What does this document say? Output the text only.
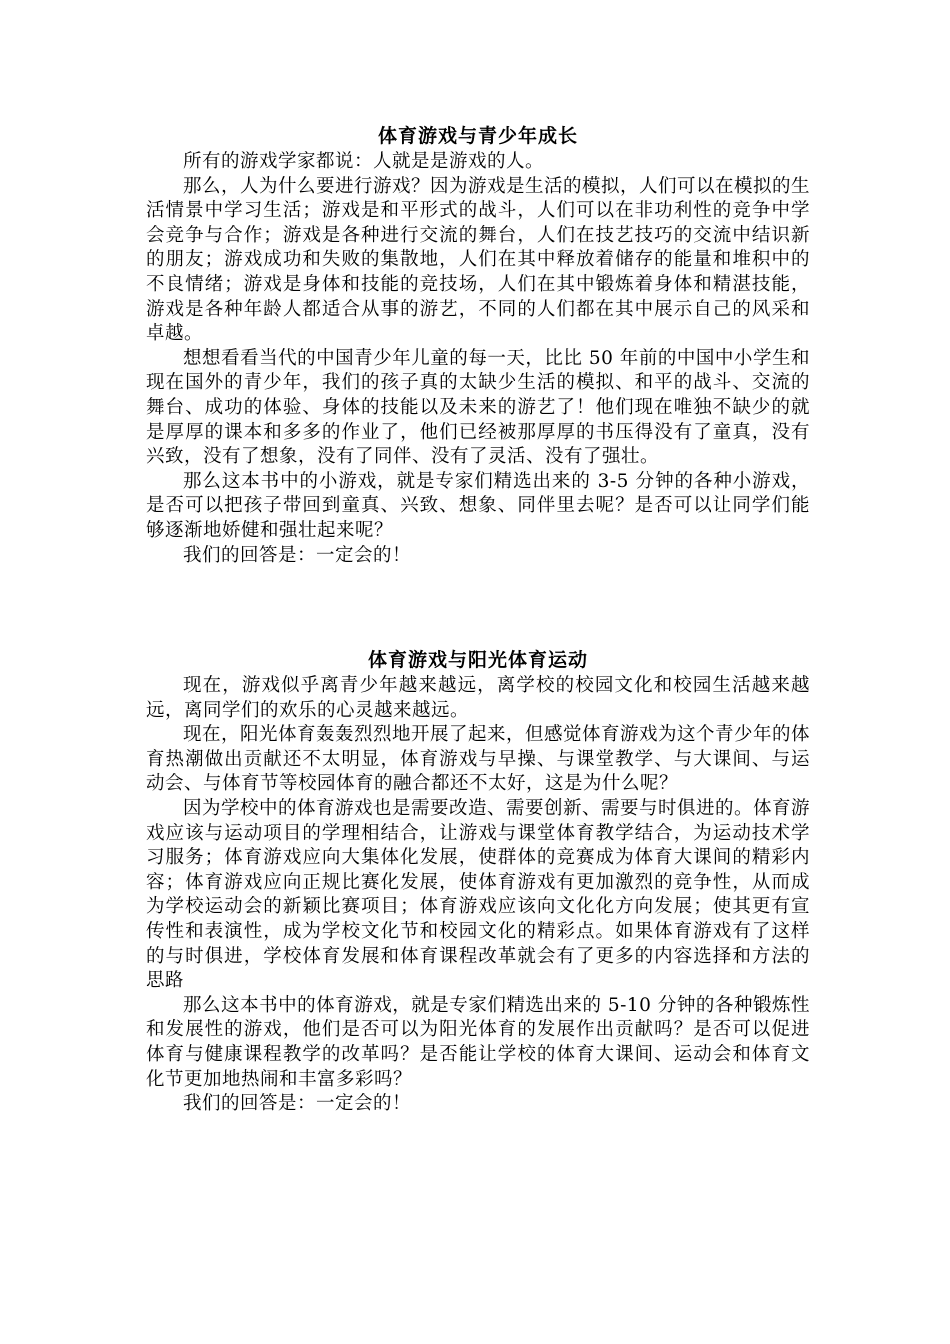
体育游戏与青少年成长

所有的游戏学家都说：人就是是游戏的人。

那么，人为什么要进行游戏？因为游戏是生活的模拟，人们可以在模拟的生活情景中学习生活；游戏是和平形式的战斗，人们可以在非功利性的竞争中学会竞争与合作；游戏是各种进行交流的舞台，人们在技艺技巧的交流中结识新的朋友；游戏成功和失败的集散地，人们在其中释放着储存的能量和堆积中的不良情绪；游戏是身体和技能的竞技场，人们在其中锻炼着身体和精湛技能，游戏是各种年龄人都适合从事的游艺，不同的人们都在其中展示自己的风采和卓越。

想想看看当代的中国青少年儿童的每一天，比比 50 年前的中国中小学生和现在国外的青少年，我们的孩子真的太缺少生活的模拟、和平的战斗、交流的舞台、成功的体验、身体的技能以及未来的游艺了！他们现在唯独不缺少的就是厚厚的课本和多多的作业了，他们已经被那厚厚的书压得没有了童真，没有兴致，没有了想象，没有了同伴、没有了灵活、没有了强壮。

那么这本书中的小游戏，就是专家们精选出来的 3-5 分钟的各种小游戏，是否可以把孩子带回到童真、兴致、想象、同伴里去呢？是否可以让同学们能够逐渐地娇健和强壮起来呢？

我们的回答是：一定会的！

体育游戏与阳光体育运动

现在，游戏似乎离青少年越来越远，离学校的校园文化和校园生活越来越远，离同学们的欢乐的心灵越来越远。

现在，阳光体育轰轰烈烈地开展了起来，但感觉体育游戏为这个青少年的体育热潮做出贡献还不太明显，体育游戏与早操、与课堂教学、与大课间、与运动会、与体育节等校园体育的融合都还不太好，这是为什么呢？

因为学校中的体育游戏也是需要改造、需要创新、需要与时俱进的。体育游戏应该与运动项目的学理相结合，让游戏与课堂体育教学结合，为运动技术学习服务；体育游戏应向大集体化发展，使群体的竞赛成为体育大课间的精彩内容；体育游戏应向正规比赛化发展，使体育游戏有更加激烈的竞争性，从而成为学校运动会的新颖比赛项目；体育游戏应该向文化化方向发展；使其更有宣传性和表演性，成为学校文化节和校园文化的精彩点。如果体育游戏有了这样的与时俱进，学校体育发展和体育课程改革就会有了更多的内容选择和方法的思路

那么这本书中的体育游戏，就是专家们精选出来的 5-10 分钟的各种锻炼性和发展性的游戏，他们是否可以为阳光体育的发展作出贡献吗？是否可以促进体育与健康课程教学的改革吗？是否能让学校的体育大课间、运动会和体育文化节更加地热闹和丰富多彩吗？

我们的回答是：一定会的！
